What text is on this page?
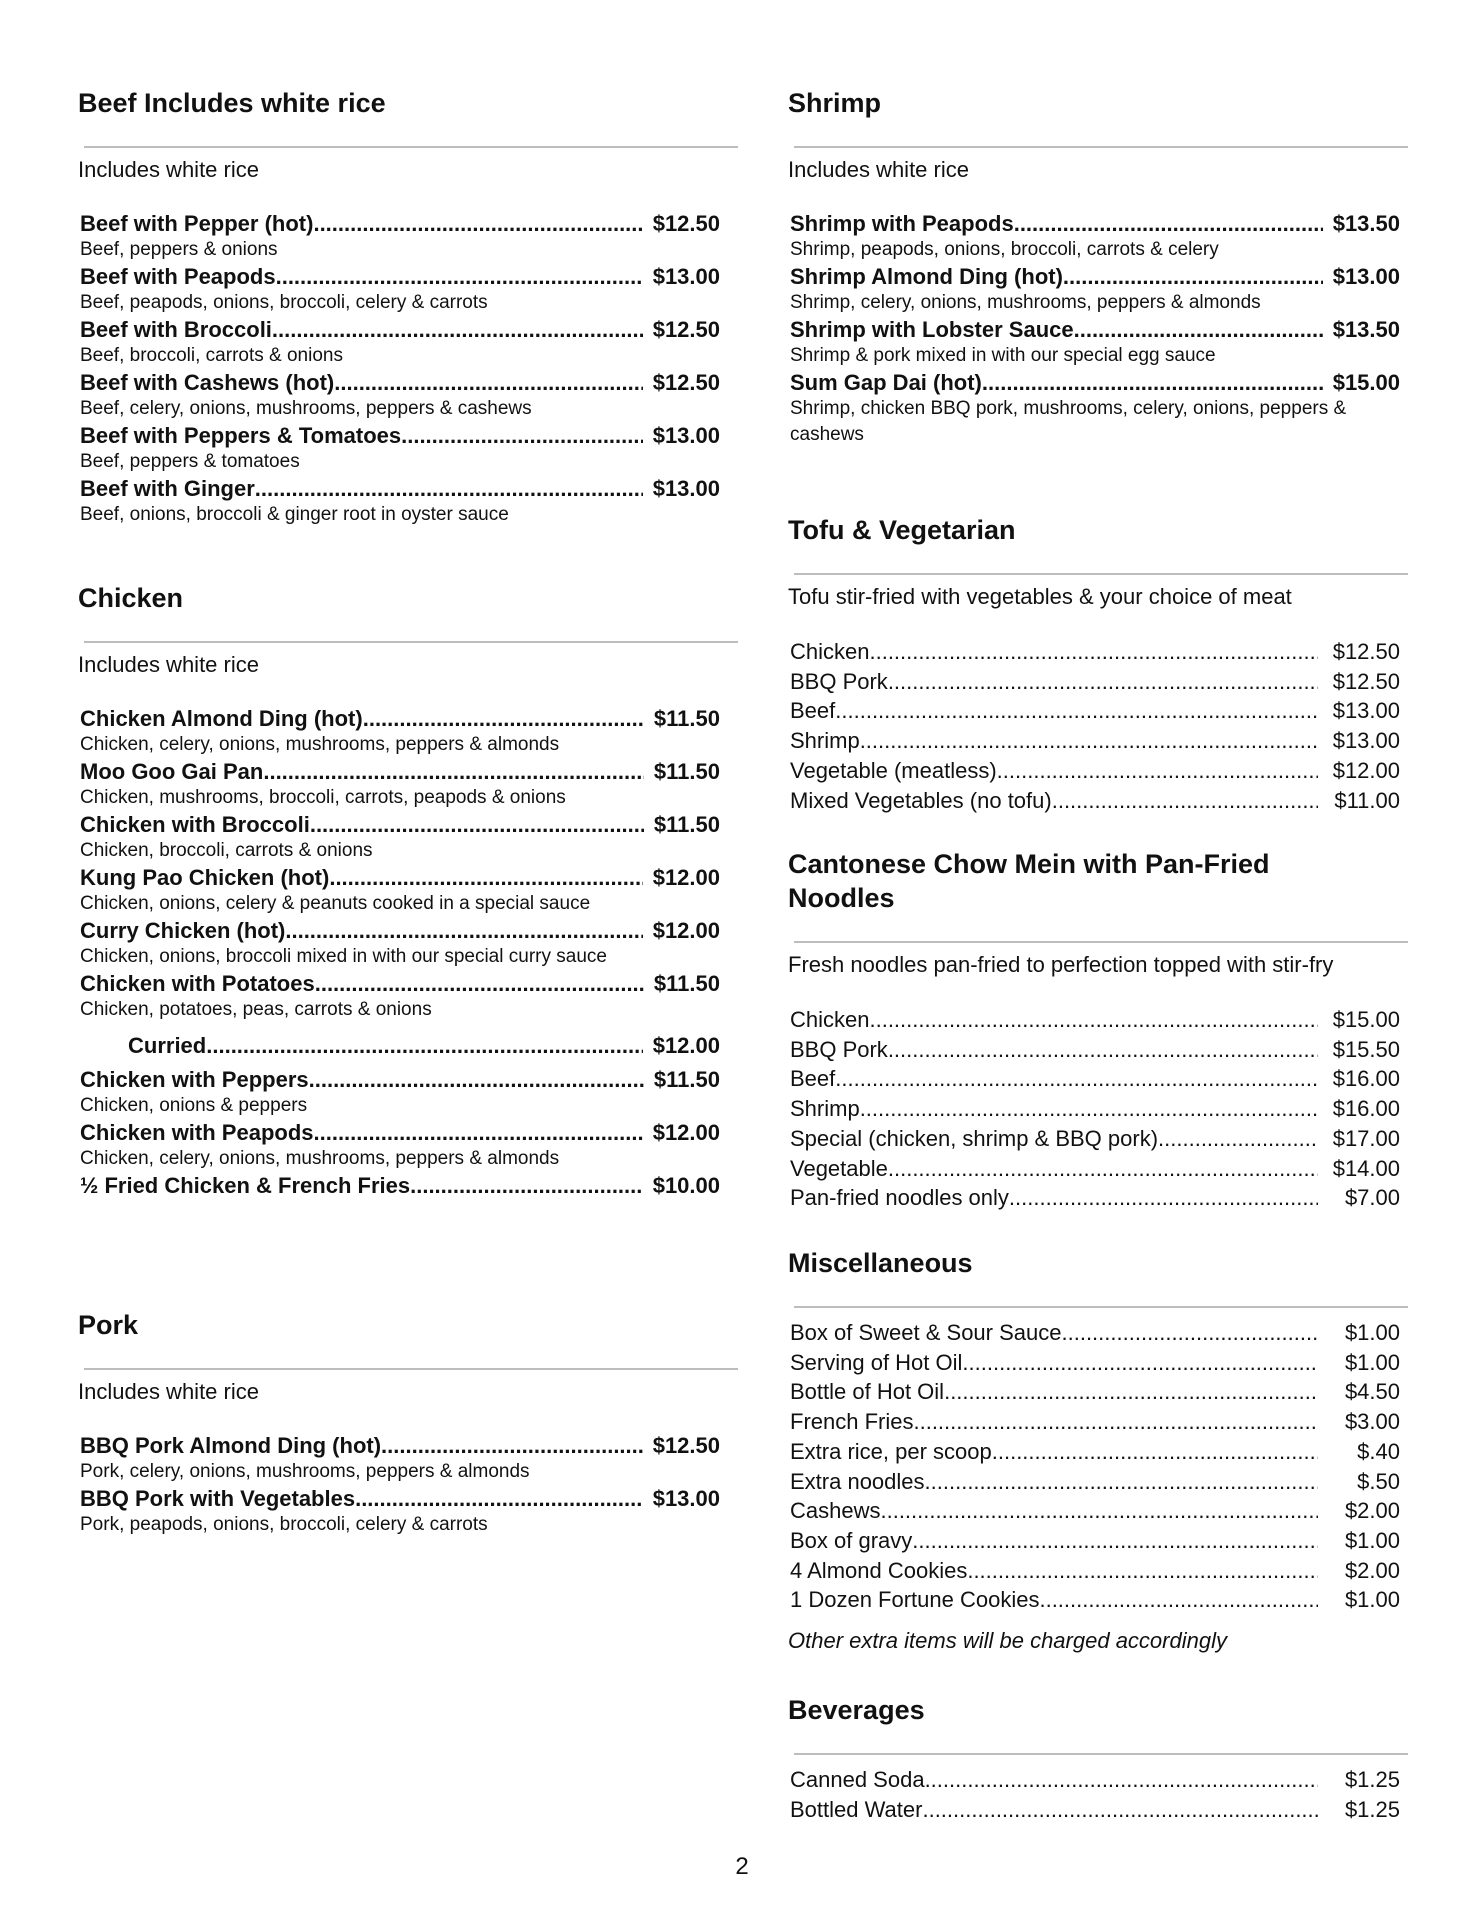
Beef Includes white rice
Includes white rice
Beef with Pepper (hot) .....	$12.50
Beef, peppers & onions
Beef with Peapods .....	$13.00
Beef, peapods, onions, broccoli, celery & carrots
Beef with Broccoli .....	$12.50
Beef, broccoli, carrots & onions
Beef with Cashews (hot) .....	$12.50
Beef, celery, onions, mushrooms, peppers & cashews
Beef with Peppers & Tomatoes .....	$13.00
Beef, peppers & tomatoes
Beef with Ginger .....	$13.00
Beef, onions, broccoli & ginger root in oyster sauce
Chicken
Includes white rice
Chicken Almond Ding (hot) .....	$11.50
Chicken, celery, onions, mushrooms, peppers & almonds
Moo Goo Gai Pan .....	$11.50
Chicken, mushrooms, broccoli, carrots, peapods & onions
Chicken with Broccoli .....	$11.50
Chicken, broccoli, carrots & onions
Kung Pao Chicken (hot) .....	$12.00
Chicken, onions, celery & peanuts cooked in a special sauce
Curry Chicken (hot) .....	$12.00
Chicken, onions, broccoli mixed in with our special curry sauce
Chicken with Potatoes .....	$11.50
Chicken, potatoes, peas, carrots & onions
Curried .....	$12.00
Chicken with Peppers .....	$11.50
Chicken, onions & peppers
Chicken with Peapods .....	$12.00
Chicken, celery, onions, mushrooms, peppers & almonds
½ Fried Chicken & French Fries .....	$10.00
Pork
Includes white rice
BBQ Pork Almond Ding (hot) .....	$12.50
Pork, celery, onions, mushrooms, peppers & almonds
BBQ Pork with Vegetables .....	$13.00
Pork, peapods, onions, broccoli, celery & carrots
Shrimp
Includes white rice
Shrimp with Peapods .....	$13.50
Shrimp, peapods, onions, broccoli, carrots & celery
Shrimp Almond Ding (hot) .....	$13.00
Shrimp, celery, onions, mushrooms, peppers & almonds
Shrimp with Lobster Sauce .....	$13.50
Shrimp & pork mixed in with our special egg sauce
Sum Gap Dai (hot) .....	$15.00
Shrimp, chicken BBQ pork, mushrooms, celery, onions, peppers & cashews
Tofu & Vegetarian
Tofu stir-fried with vegetables & your choice of meat
Chicken .....	$12.50
BBQ Pork .....	$12.50
Beef .....	$13.00
Shrimp .....	$13.00
Vegetable (meatless) .....	$12.00
Mixed Vegetables (no tofu) .....	$11.00
Cantonese Chow Mein with Pan-Fried Noodles
Fresh noodles pan-fried to perfection topped with stir-fry
Chicken .....	$15.00
BBQ Pork .....	$15.50
Beef .....	$16.00
Shrimp .....	$16.00
Special (chicken, shrimp & BBQ pork) .....	$17.00
Vegetable .....	$14.00
Pan-fried noodles only .....	$7.00
Miscellaneous
Box of Sweet & Sour Sauce .....	$1.00
Serving of Hot Oil .....	$1.00
Bottle of Hot Oil .....	$4.50
French Fries .....	$3.00
Extra rice, per scoop .....	$.40
Extra noodles .....	$.50
Cashews .....	$2.00
Box of gravy .....	$1.00
4 Almond Cookies .....	$2.00
1 Dozen Fortune Cookies .....	$1.00
Other extra items will be charged accordingly
Beverages
Canned Soda .....	$1.25
Bottled Water .....	$1.25
2
